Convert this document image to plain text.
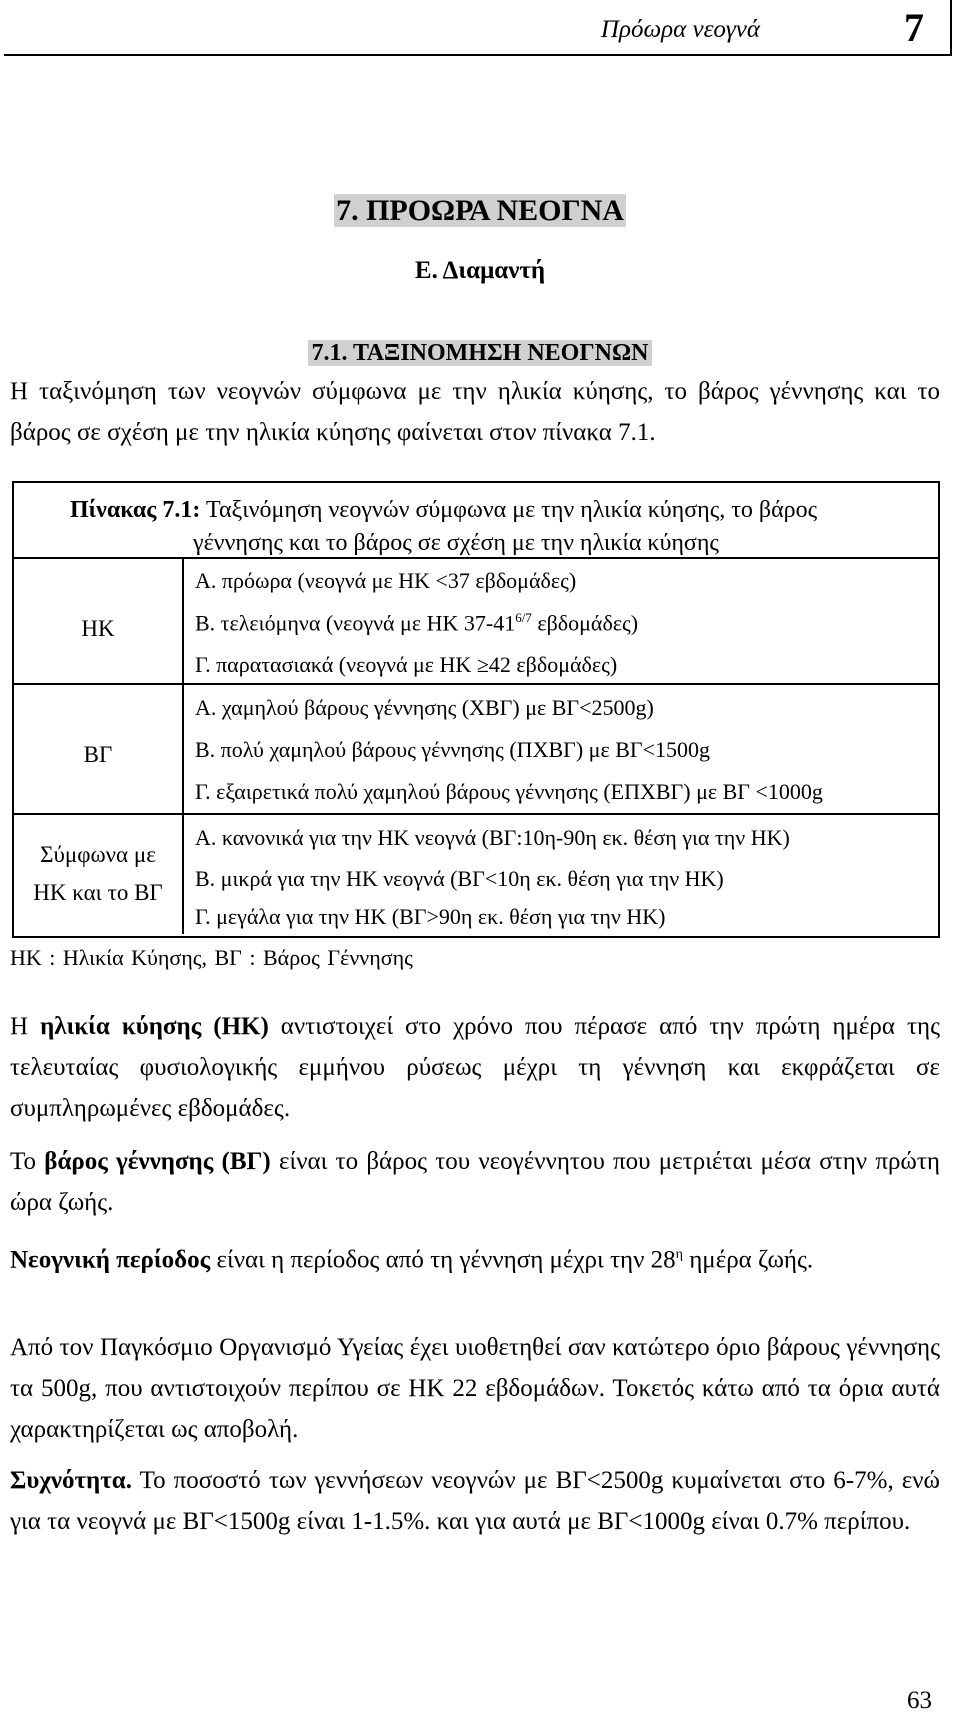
Πρόωρα νεογνά	7
7. ΠΡΟΩΡΑ ΝΕΟΓΝΑ
Ε. Διαμαντή
7.1. ΤΑΞΙΝΟΜΗΣΗ ΝΕΟΓΝΩΝ
Η ταξινόμηση των νεογνών σύμφωνα με την ηλικία κύησης, το βάρος γέννησης και το βάρος σε σχέση με την ηλικία κύησης φαίνεται στον πίνακα 7.1.
Πίνακας 7.1: Ταξινόμηση νεογνών σύμφωνα με την ηλικία κύησης, το βάρος
γέννησης και το βάρος σε σχέση με την ηλικία κύησης
ΗΚ
Α. πρόωρα (νεογνά με ΗΚ <37 εβδομάδες)
Β. τελειόμηνα (νεογνά με ΗΚ $37-41^{6/7}$ εβδομάδες)
Γ. παρατασιακά (νεογνά με ΗΚ ≥42 εβδομάδες)
ΒΓ
Α. χαμηλού βάρους γέννησης (ΧΒΓ) με ΒΓ<2500g)
Β. πολύ χαμηλού βάρους γέννησης (ΠΧΒΓ) με ΒΓ<1500g
Γ. εξαιρετικά πολύ χαμηλού βάρους γέννησης (ΕΠΧΒΓ) με ΒΓ <1000g
Σύμφωνα με
ΗΚ και το ΒΓ
Α. κανονικά για την ΗΚ νεογνά (ΒΓ:10η-90η εκ. θέση για την ΗΚ)
Β. μικρά για την ΗΚ νεογνά (ΒΓ<10η εκ. θέση για την ΗΚ)
Γ. μεγάλα για την ΗΚ (ΒΓ>90η εκ. θέση για την ΗΚ)
ΗΚ : Ηλικία Κύησης, ΒΓ : Βάρος Γέννησης
Η ηλικία κύησης (ΗΚ) αντιστοιχεί στο χρόνο που πέρασε από την πρώτη ημέρα της τελευταίας φυσιολογικής εμμήνου ρύσεως μέχρι τη γέννηση και εκφράζεται σε συμπληρωμένες εβδομάδες.
Το βάρος γέννησης (ΒΓ) είναι το βάρος του νεογέννητου που μετριέται μέσα στην πρώτη ώρα ζωής.
Νεογνική περίοδος είναι η περίοδος από τη γέννηση μέχρι την $28^\eta$ ημέρα ζωής.
Από τον Παγκόσμιο Οργανισμό Υγείας έχει υιοθετηθεί σαν κατώτερο όριο βάρους γέννησης τα 500g, που αντιστοιχούν περίπου σε ΗΚ 22 εβδομάδων. Τοκετός κάτω από τα όρια αυτά χαρακτηρίζεται ως αποβολή.
Συχνότητα. Το ποσοστό των γεννήσεων νεογνών με ΒΓ<2500g κυμαίνεται στο 6-7%, ενώ για τα νεογνά με ΒΓ<1500g είναι 1-1.5%. και για αυτά με ΒΓ<1000g είναι 0.7% περίπου.
63
